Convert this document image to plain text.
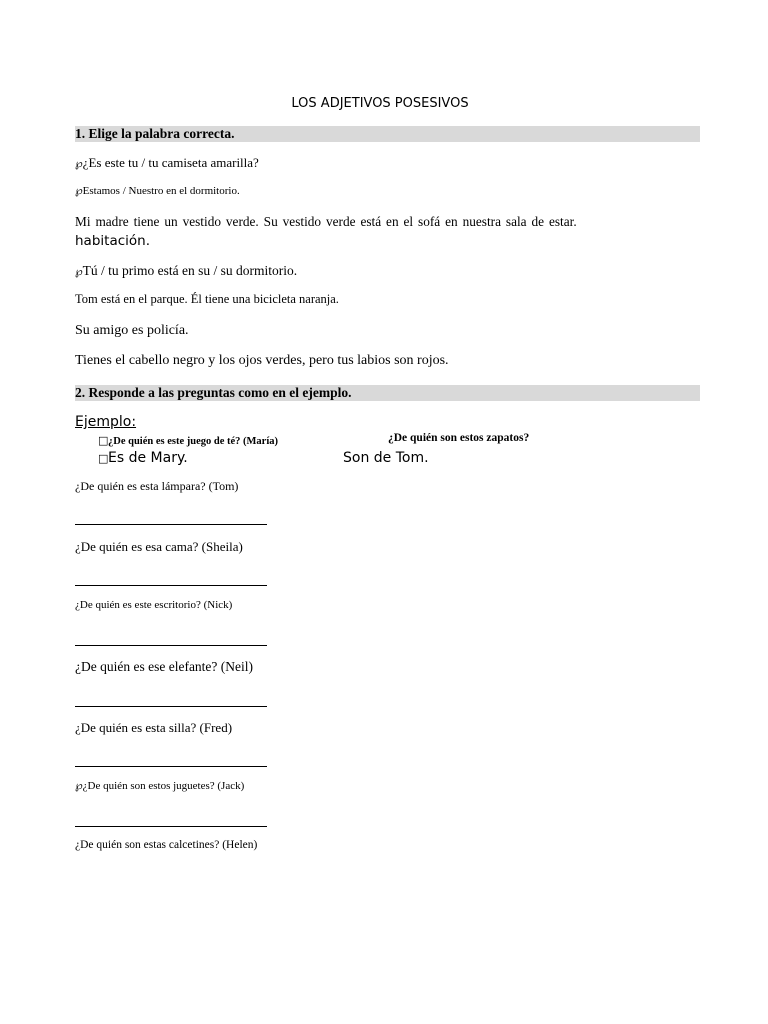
LOS ADJETIVOS POSESIVOS
1. Elige la palabra correcta.
℘¿Es este tu / tu camiseta amarilla?
℘Estamos / Nuestro en el dormitorio.
Mi madre tiene un vestido verde. Su vestido verde está en el sofá en nuestra sala de estar.
habitación.
℘Tú / tu primo está en su / su dormitorio.
Tom está en el parque. Él tiene una bicicleta naranja.
Su amigo es policía.
Tienes el cabello negro y los ojos verdes, pero tus labios son rojos.
2. Responde a las preguntas como en el ejemplo.
Ejemplo:
□¿De quién es este juego de té? (María)	¿De quién son estos zapatos?
□Es de Mary.	Son de Tom.
¿De quién es esta lámpara? (Tom)
¿De quién es esa cama? (Sheila)
¿De quién es este escritorio? (Nick)
¿De quién es ese elefante? (Neil)
¿De quién es esta silla? (Fred)
℘¿De quién son estos juguetes? (Jack)
¿De quién son estas calcetines? (Helen)
